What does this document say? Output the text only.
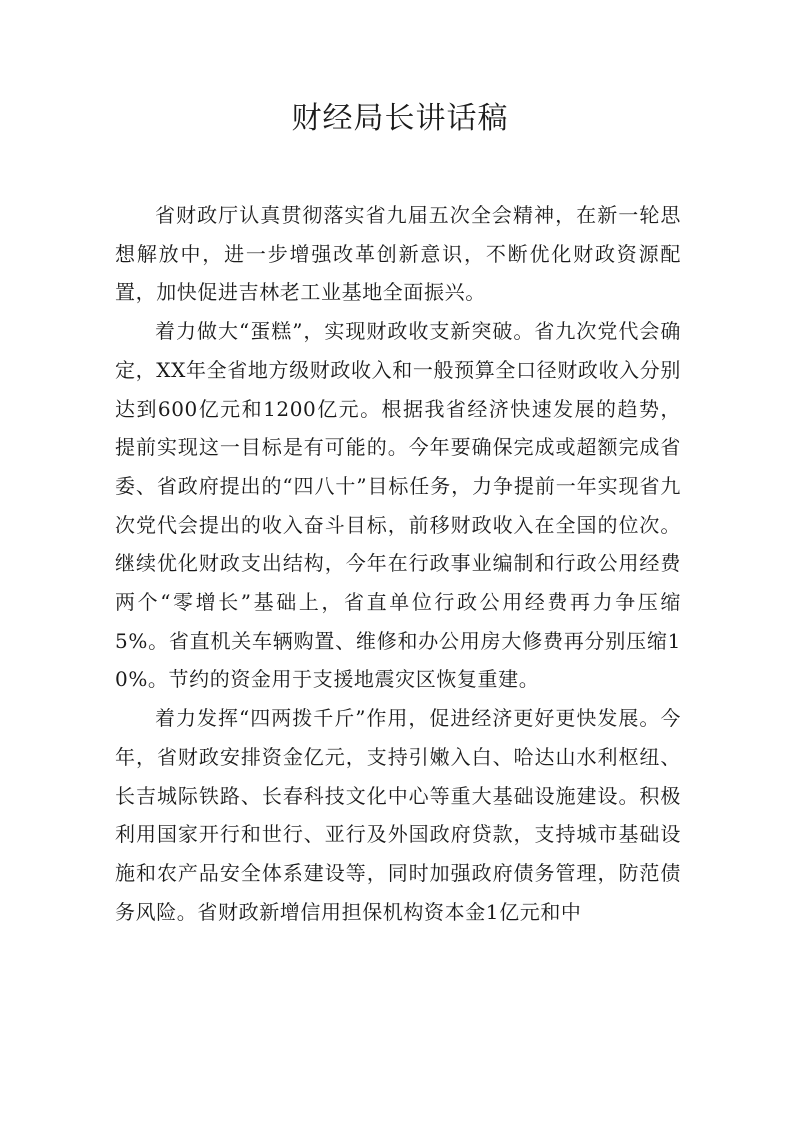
财经局长讲话稿

省财政厅认真贯彻落实省九届五次全会精神，在新一轮思想解放中，进一步增强改革创新意识，不断优化财政资源配置，加快促进吉林老工业基地全面振兴。

着力做大“蛋糕”，实现财政收支新突破。省九次党代会确定，XX年全省地方级财政收入和一般预算全口径财政收入分别达到600亿元和1200亿元。根据我省经济快速发展的趋势，提前实现这一目标是有可能的。今年要确保完成或超额完成省委、省政府提出的“四八十”目标任务，力争提前一年实现省九次党代会提出的收入奋斗目标，前移财政收入在全国的位次。继续优化财政支出结构，今年在行政事业编制和行政公用经费两个“零增长”基础上，省直单位行政公用经费再力争压缩5%。省直机关车辆购置、维修和办公用房大修费再分别压缩10%。节约的资金用于支援地震灾区恢复重建。

着力发挥“四两拨千斤”作用，促进经济更好更快发展。今年，省财政安排资金亿元，支持引嫩入白、哈达山水利枢纽、长吉城际铁路、长春科技文化中心等重大基础设施建设。积极利用国家开行和世行、亚行及外国政府贷款，支持城市基础设施和农产品安全体系建设等，同时加强政府债务管理，防范债务风险。省财政新增信用担保机构资本金1亿元和中
